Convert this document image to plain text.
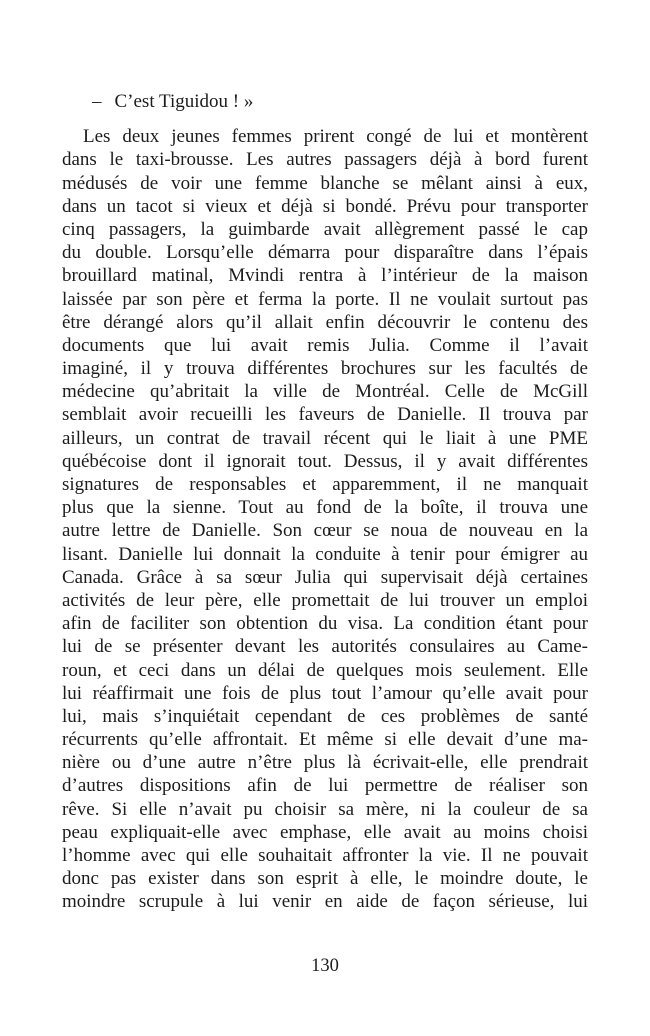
– C’est Tiguidou ! »
Les deux jeunes femmes prirent congé de lui et montèrent
dans le taxi-brousse. Les autres passagers déjà à bord furent
médusés de voir une femme blanche se mêlant ainsi à eux,
dans un tacot si vieux et déjà si bondé. Prévu pour transporter
cinq passagers, la guimbarde avait allègrement passé le cap
du double. Lorsqu’elle démarra pour disparaître dans l’épais
brouillard matinal, Mvindi rentra à l’intérieur de la maison
laissée par son père et ferma la porte. Il ne voulait surtout pas
être dérangé alors qu’il allait enfin découvrir le contenu des
documents que lui avait remis Julia. Comme il l’avait
imaginé, il y trouva différentes brochures sur les facultés de
médecine qu’abritait la ville de Montréal. Celle de McGill
semblait avoir recueilli les faveurs de Danielle. Il trouva par
ailleurs, un contrat de travail récent qui le liait à une PME
québécoise dont il ignorait tout. Dessus, il y avait différentes
signatures de responsables et apparemment, il ne manquait
plus que la sienne. Tout au fond de la boîte, il trouva une
autre lettre de Danielle. Son cœur se noua de nouveau en la
lisant. Danielle lui donnait la conduite à tenir pour émigrer au
Canada. Grâce à sa sœur Julia qui supervisait déjà certaines
activités de leur père, elle promettait de lui trouver un emploi
afin de faciliter son obtention du visa. La condition étant pour
lui de se présenter devant les autorités consulaires au Came-
roun, et ceci dans un délai de quelques mois seulement. Elle
lui réaffirmait une fois de plus tout l’amour qu’elle avait pour
lui, mais s’inquiétait cependant de ces problèmes de santé
récurrents qu’elle affrontait. Et même si elle devait d’une ma-
nière ou d’une autre n’être plus là écrivait-elle, elle prendrait
d’autres dispositions afin de lui permettre de réaliser son
rêve. Si elle n’avait pu choisir sa mère, ni la couleur de sa
peau expliquait-elle avec emphase, elle avait au moins choisi
l’homme avec qui elle souhaitait affronter la vie. Il ne pouvait
donc pas exister dans son esprit à elle, le moindre doute, le
moindre scrupule à lui venir en aide de façon sérieuse, lui
130
